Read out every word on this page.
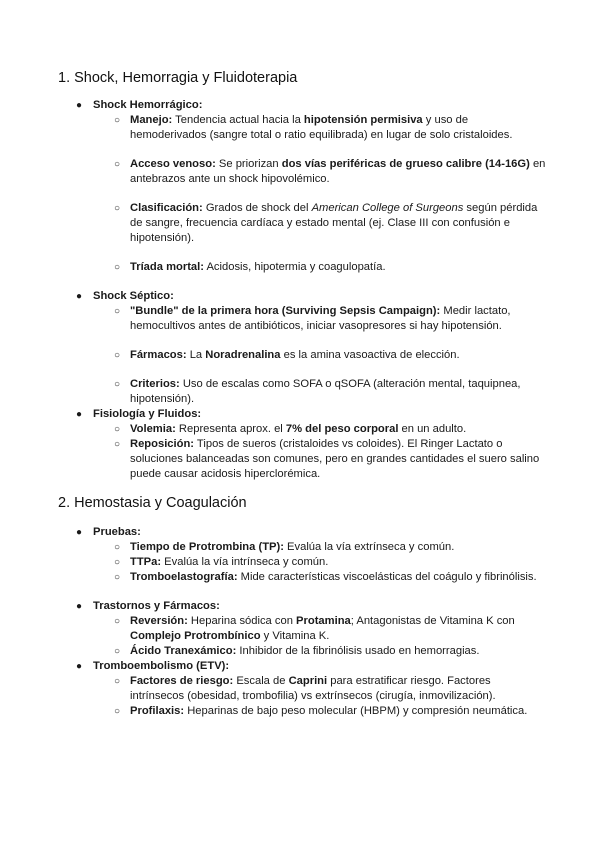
1. Shock, Hemorragia y Fluidoterapia
● Shock Hemorrágico:
○ Manejo: Tendencia actual hacia la hipotensión permisiva y uso de hemoderivados (sangre total o ratio equilibrada) en lugar de solo cristaloides.
○ Acceso venoso: Se priorizan dos vías periféricas de grueso calibre (14-16G) en antebrazos ante un shock hipovolémico.
○ Clasificación: Grados de shock del American College of Surgeons según pérdida de sangre, frecuencia cardíaca y estado mental (ej. Clase III con confusión e hipotensión).
○ Tríada mortal: Acidosis, hipotermia y coagulopatía.
● Shock Séptico:
○ "Bundle" de la primera hora (Surviving Sepsis Campaign): Medir lactato, hemocultivos antes de antibióticos, iniciar vasopresores si hay hipotensión.
○ Fármacos: La Noradrenalina es la amina vasoactiva de elección.
○ Criterios: Uso de escalas como SOFA o qSOFA (alteración mental, taquipnea, hipotensión).
● Fisiología y Fluidos:
○ Volemia: Representa aprox. el 7% del peso corporal en un adulto.
○ Reposición: Tipos de sueros (cristaloides vs coloides). El Ringer Lactato o soluciones balanceadas son comunes, pero en grandes cantidades el suero salino puede causar acidosis hiperclorémica.
2. Hemostasia y Coagulación
● Pruebas:
○ Tiempo de Protrombina (TP): Evalúa la vía extrínseca y común.
○ TTPa: Evalúa la vía intrínseca y común.
○ Tromboelastografía: Mide características viscoelásticas del coágulo y fibrinólisis.
● Trastornos y Fármacos:
○ Reversión: Heparina sódica con Protamina; Antagonistas de Vitamina K con Complejo Protrombínico y Vitamina K.
○ Ácido Tranexámico: Inhibidor de la fibrinólisis usado en hemorragias.
● Tromboembolismo (ETV):
○ Factores de riesgo: Escala de Caprini para estratificar riesgo. Factores intrínsecos (obesidad, trombofilia) vs extrínsecos (cirugía, inmovilización).
○ Profilaxis: Heparinas de bajo peso molecular (HBPM) y compresión neumática.
